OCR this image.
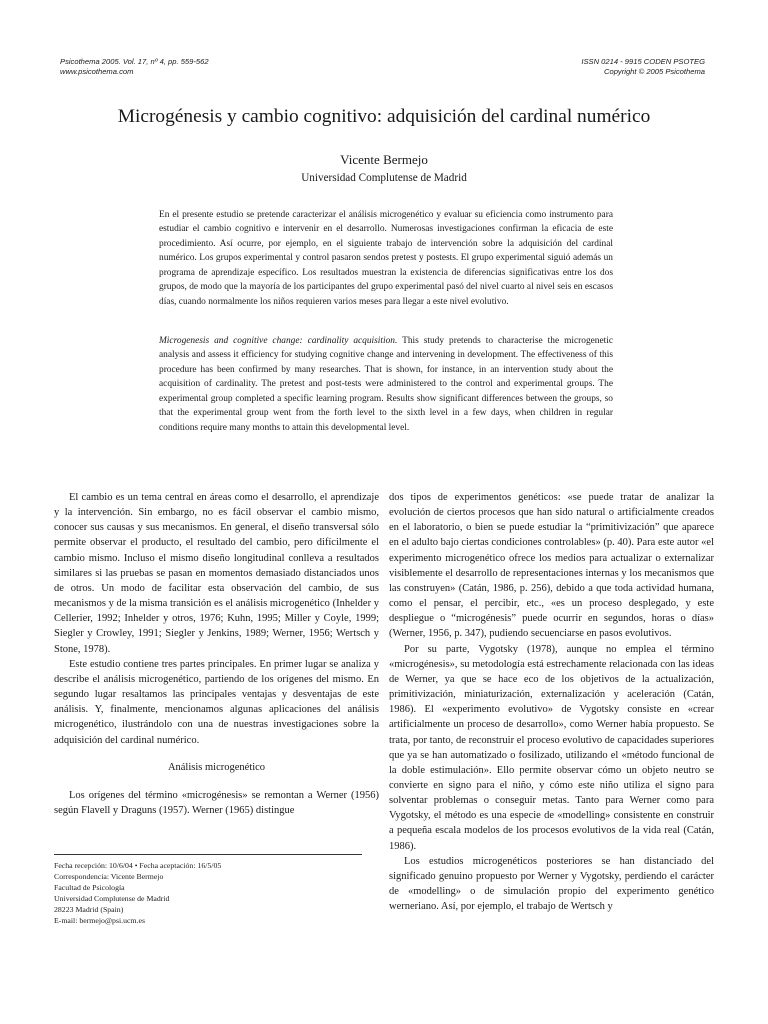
Psicothema 2005. Vol. 17, nº 4, pp. 559-562
www.psicothema.com
ISSN 0214 - 9915 CODEN PSOTEG
Copyright © 2005 Psicothema
Microgénesis y cambio cognitivo: adquisición del cardinal numérico
Vicente Bermejo
Universidad Complutense de Madrid
En el presente estudio se pretende caracterizar el análisis microgenético y evaluar su eficiencia como instrumento para estudiar el cambio cognitivo e intervenir en el desarrollo. Numerosas investigaciones confirman la eficacia de este procedimiento. Así ocurre, por ejemplo, en el siguiente trabajo de intervención sobre la adquisición del cardinal numérico. Los grupos experimental y control pasaron sendos pretest y postests. El grupo experimental siguió además un programa de aprendizaje específico. Los resultados muestran la existencia de diferencias significativas entre los dos grupos, de modo que la mayoría de los participantes del grupo experimental pasó del nivel cuarto al nivel seis en escasos días, cuando normalmente los niños requieren varios meses para llegar a este nivel evolutivo.
Microgenesis and cognitive change: cardinality acquisition. This study pretends to characterise the microgenetic analysis and assess it efficiency for studying cognitive change and intervening in development. The effectiveness of this procedure has been confirmed by many researches. That is shown, for instance, in an intervention study about the acquisition of cardinality. The pretest and post-tests were administered to the control and experimental groups. The experimental group completed a specific learning program. Results show significant differences between the groups, so that the experimental group went from the forth level to the sixth level in a few days, when children in regular conditions require many months to attain this developmental level.

El cambio es un tema central en áreas como el desarrollo, el aprendizaje y la intervención. Sin embargo, no es fácil observar el cambio mismo, conocer sus causas y sus mecanismos. En general, el diseño transversal sólo permite observar el producto, el resultado del cambio, pero difícilmente el cambio mismo. Incluso el mismo diseño longitudinal conlleva a resultados similares si las pruebas se pasan en momentos demasiado distanciados unos de otros. Un modo de facilitar esta observación del cambio, de sus mecanismos y de la misma transición es el análisis microgenético (Inhelder y Cellerier, 1992; Inhelder y otros, 1976; Kuhn, 1995; Miller y Coyle, 1999; Siegler y Crowley, 1991; Siegler y Jenkins, 1989; Werner, 1956; Wertsch y Stone, 1978).

Este estudio contiene tres partes principales. En primer lugar se analiza y describe el análisis microgenético, partiendo de los orígenes del mismo. En segundo lugar resaltamos las principales ventajas y desventajas de este análisis. Y, finalmente, mencionamos algunas aplicaciones del análisis microgenético, ilustrándolo con una de nuestras investigaciones sobre la adquisición del cardinal numérico.

Análisis microgenético

Los orígenes del término «microgénesis» se remontan a Werner (1956) según Flavell y Draguns (1957). Werner (1965) distingue

dos tipos de experimentos genéticos: «se puede tratar de analizar la evolución de ciertos procesos que han sido natural o artificialmente creados en el laboratorio, o bien se puede estudiar la “primitivización” que aparece en el adulto bajo ciertas condiciones controlables» (p. 40). Para este autor «el experimento microgenético ofrece los medios para actualizar o externalizar visiblemente el desarrollo de representaciones internas y los mecanismos que las construyen» (Catán, 1986, p. 256), debido a que toda actividad humana, como el pensar, el percibir, etc., «es un proceso desplegado, y este despliegue o “microgénesis” puede ocurrir en segundos, horas o días» (Werner, 1956, p. 347), pudiendo secuenciarse en pasos evolutivos.

Por su parte, Vygotsky (1978), aunque no emplea el término «microgénesis», su metodología está estrechamente relacionada con las ideas de Werner, ya que se hace eco de los objetivos de la actualización, primitivización, miniaturización, externalización y aceleración (Catán, 1986). El «experimento evolutivo» de Vygotsky consiste en «crear artificialmente un proceso de desarrollo», como Werner había propuesto. Se trata, por tanto, de reconstruir el proceso evolutivo de capacidades superiores que ya se han automatizado o fosilizado, utilizando el «método funcional de la doble estimulación». Ello permite observar cómo un objeto neutro se convierte en signo para el niño, y cómo este niño utiliza el signo para solventar problemas o conseguir metas. Tanto para Werner como para Vygotsky, el método es una especie de «modelling» consistente en construir a pequeña escala modelos de los procesos evolutivos de la vida real (Catán, 1986).

Los estudios microgenéticos posteriores se han distanciado del significado genuino propuesto por Werner y Vygotsky, perdiendo el carácter de «modelling» o de simulación propio del experimento genético werneriano. Así, por ejemplo, el trabajo de Wertsch y

Fecha recepción: 10/6/04 • Fecha aceptación: 16/5/05
Correspondencia: Vicente Bermejo
Facultad de Psicología
Universidad Complutense de Madrid
28223 Madrid (Spain)
E-mail: bermejo@psi.ucm.es
